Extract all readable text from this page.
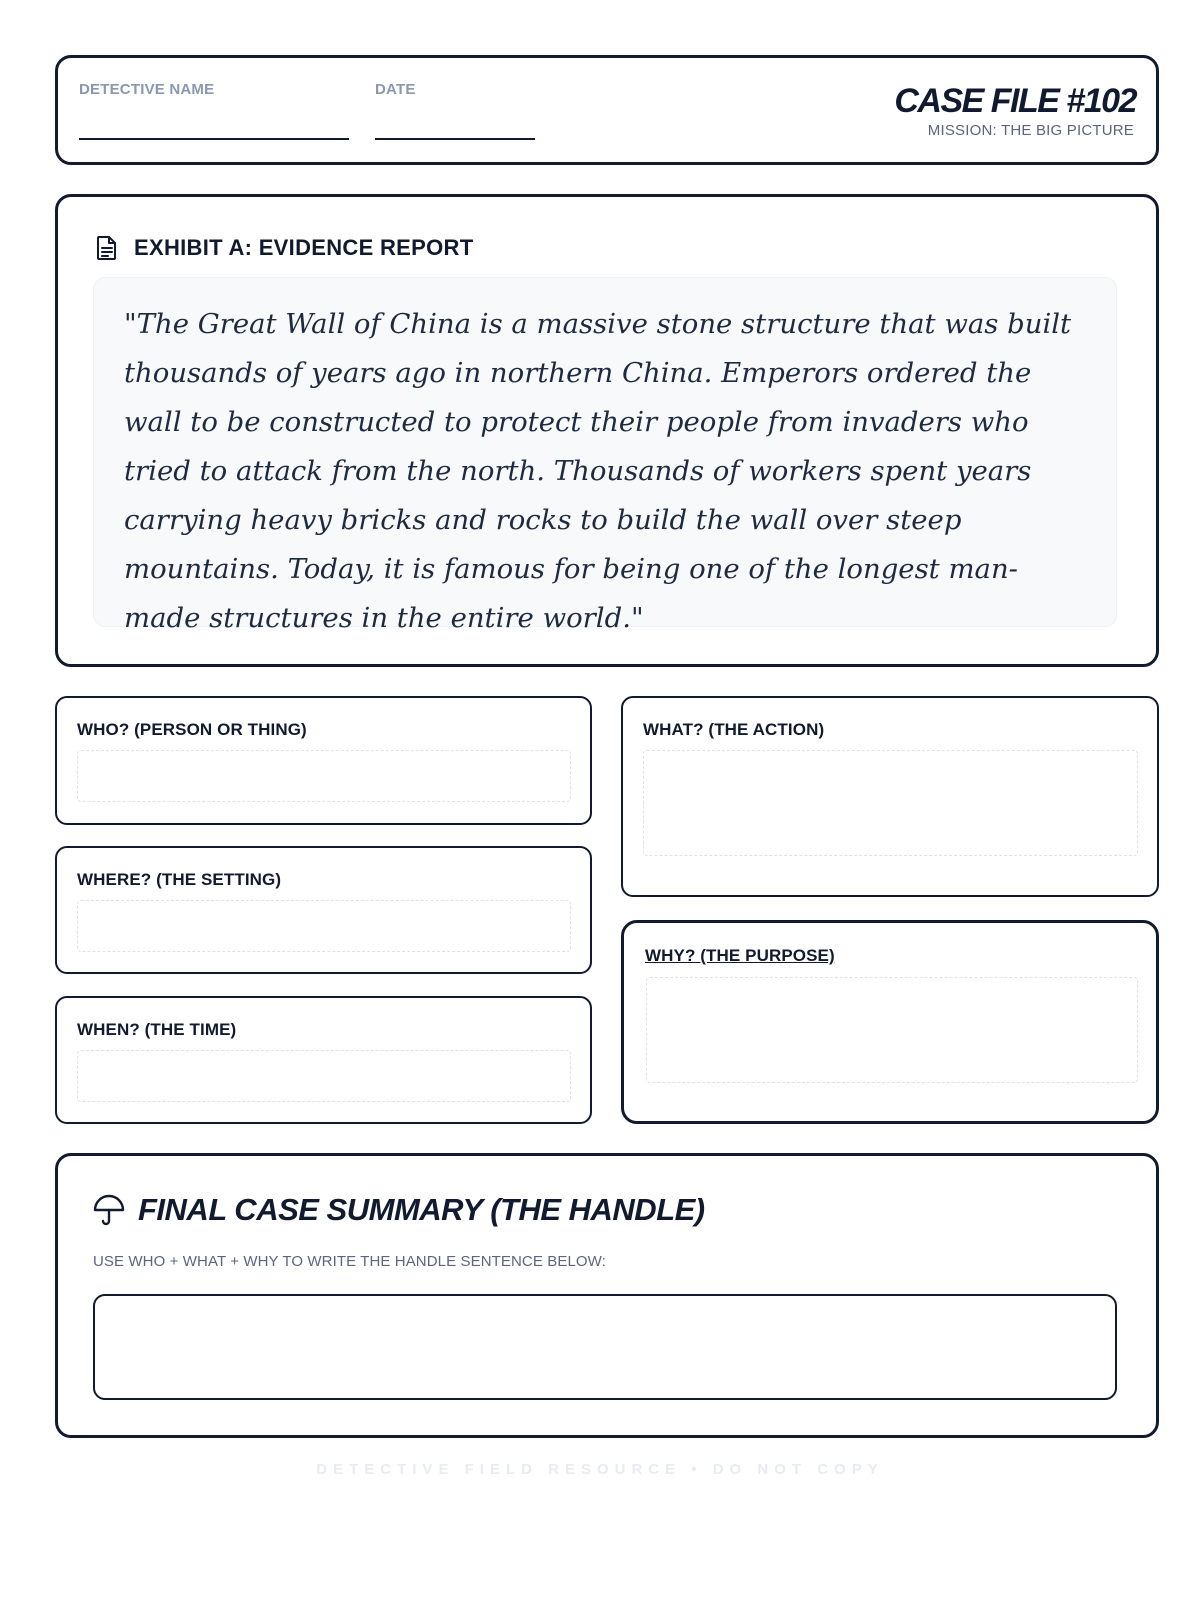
DETECTIVE NAME	DATE	CASE FILE #102
MISSION: THE BIG PICTURE
EXHIBIT A: EVIDENCE REPORT
"The Great Wall of China is a massive stone structure that was built thousands of years ago in northern China. Emperors ordered the wall to be constructed to protect their people from invaders who tried to attack from the north. Thousands of workers spent years carrying heavy bricks and rocks to build the wall over steep mountains. Today, it is famous for being one of the longest man-made structures in the entire world."
WHO? (PERSON OR THING)
WHERE? (THE SETTING)
WHEN? (THE TIME)
WHAT? (THE ACTION)
WHY? (THE PURPOSE)
FINAL CASE SUMMARY (THE HANDLE)
USE WHO + WHAT + WHY TO WRITE THE HANDLE SENTENCE BELOW:
DETECTIVE FIELD RESOURCE • DO NOT COPY
